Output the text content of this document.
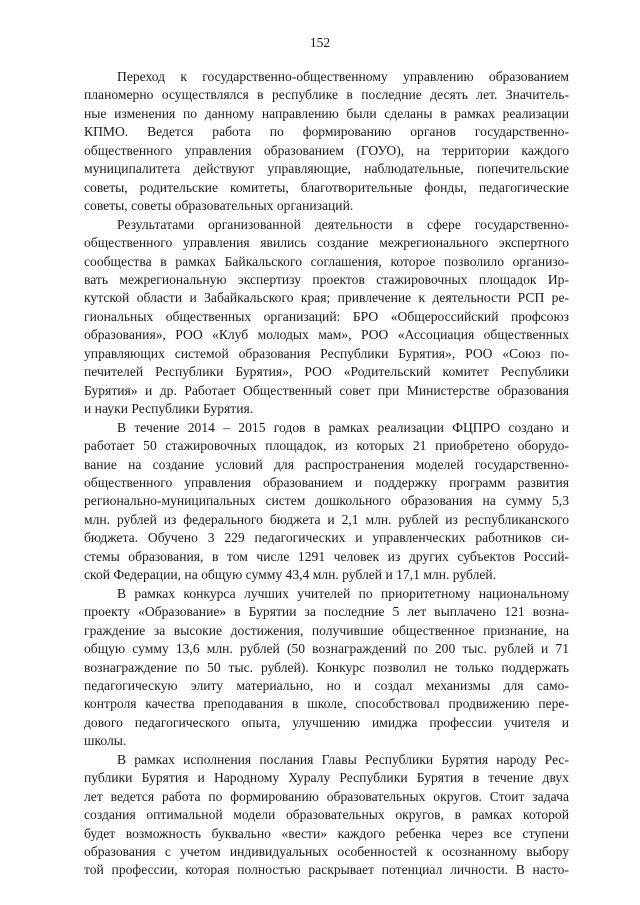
152

Переход к государственно-общественному управлению образованием
планомерно осуществлялся в республике в последние десять лет. Значитель-
ные изменения по данному направлению были сделаны в рамках реализации
КПМО. Ведется работа по формированию органов государственно-
общественного управления образованием (ГОУО), на территории каждого
муниципалитета действуют управляющие, наблюдательные, попечительские
советы, родительские комитеты, благотворительные фонды, педагогические
советы, советы образовательных организаций.

Результатами организованной деятельности в сфере государственно-
общественного управления явились создание межрегионального экспертного
сообщества в рамках Байкальского соглашения, которое позволило организо-
вать межрегиональную экспертизу проектов стажировочных площадок Ир-
кутской области и Забайкальского края; привлечение к деятельности РСП ре-
гиональных общественных организаций: БРО «Общероссийский профсоюз
образования», РОО «Клуб молодых мам», РОО «Ассоциация общественных
управляющих системой образования Республики Бурятия», РОО «Союз по-
печителей Республики Бурятия», РОО «Родительский комитет Республики
Бурятия» и др. Работает Общественный совет при Министерстве образования
и науки Республики Бурятия.

В течение 2014 – 2015 годов в рамках реализации ФЦПРО создано и
работает 50 стажировочных площадок, из которых 21 приобретено оборудо-
вание на создание условий для распространения моделей государственно-
общественного управления образованием и поддержку программ развития
регионально-муниципальных систем дошкольного образования на сумму 5,3
млн. рублей из федерального бюджета и 2,1 млн. рублей из республиканского
бюджета. Обучено 3 229 педагогических и управленческих работников си-
стемы образования, в том числе 1291 человек из других субъектов Россий-
ской Федерации, на общую сумму 43,4 млн. рублей и 17,1 млн. рублей.

В рамках конкурса лучших учителей по приоритетному национальному
проекту «Образование» в Бурятии за последние 5 лет выплачено 121 возна-
граждение за высокие достижения, получившие общественное признание, на
общую сумму 13,6 млн. рублей (50 вознаграждений по 200 тыс. рублей и 71
вознаграждение по 50 тыс. рублей). Конкурс позволил не только поддержать
педагогическую элиту материально, но и создал механизмы для само-
контроля качества преподавания в школе, способствовал продвижению пере-
дового педагогического опыта, улучшению имиджа профессии учителя и
школы.

В рамках исполнения послания Главы Республики Бурятия народу Рес-
публики Бурятия и Народному Хуралу Республики Бурятия в течение двух
лет ведется работа по формированию образовательных округов. Стоит задача
создания оптимальной модели образовательных округов, в рамках которой
будет возможность буквально «вести» каждого ребенка через все ступени
образования с учетом индивидуальных особенностей к осознанному выбору
той профессии, которая полностью раскрывает потенциал личности. В насто-
